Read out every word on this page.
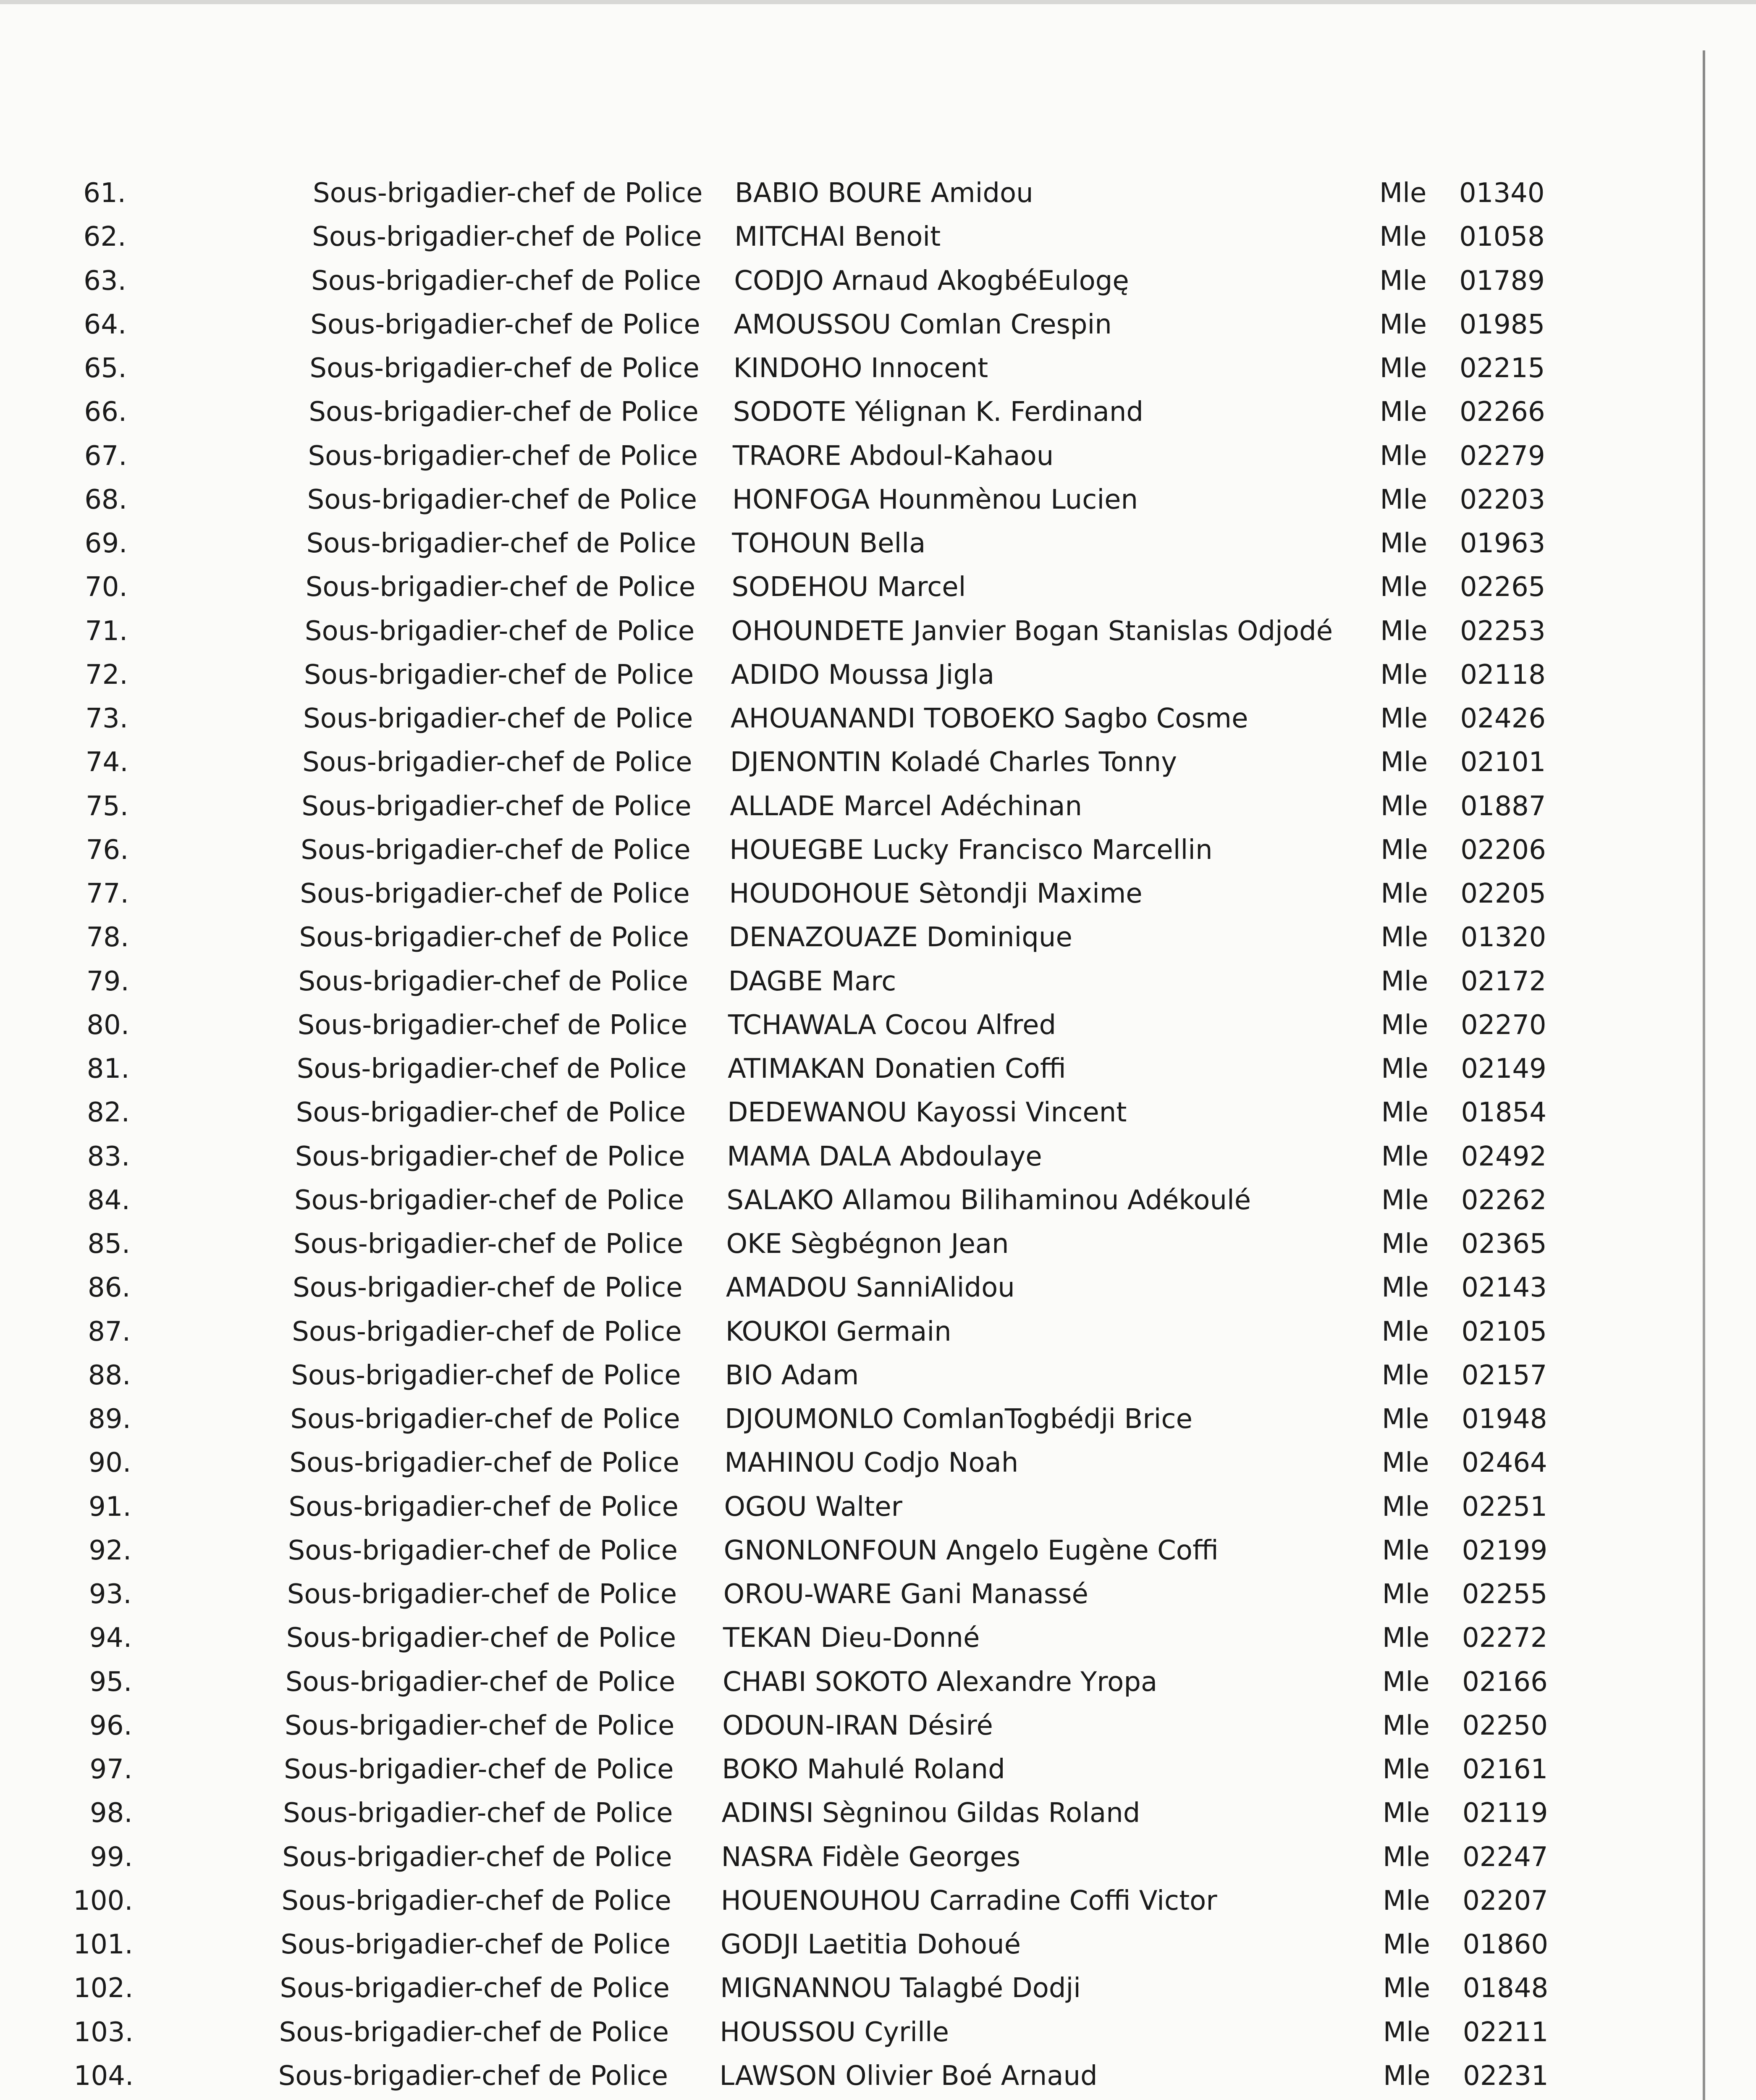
61.	Sous-brigadier-chef de Police BABIO BOURE Amidou	Mle 01340
62.	Sous-brigadier-chef de Police MITCHAI Benoit	Mle 01058
63.	Sous-brigadier-chef de Police CODJO Arnaud AkogbéEulogę	Mle 01789
64.	Sous-brigadier-chef de Police AMOUSSOU Comlan Crespin	Mle 01985
65.	Sous-brigadier-chef de Police KINDOHO Innocent	Mle 02215
66.	Sous-brigadier-chef de Police SODOTE Yélignan K. Ferdinand	Mle 02266
67.	Sous-brigadier-chef de Police TRAORE Abdoul-Kahaou	Mle 02279
68.	Sous-brigadier-chef de Police HONFOGA Hounmènou Lucien	Mle 02203
69.	Sous-brigadier-chef de Police TOHOUN Bella	Mle 01963
70.	Sous-brigadier-chef de Police SODEHOU Marcel	Mle 02265
71.	Sous-brigadier-chef de Police OHOUNDETE Janvier Bogan Stanislas Odjodé Mle 02253
72.	Sous-brigadier-chef de Police ADIDO Moussa Jigla	Mle 02118
73.	Sous-brigadier-chef de Police AHOUANANDI TOBOEKO Sagbo Cosme	Mle 02426
74.	Sous-brigadier-chef de Police DJENONTIN Koladé Charles Tonny	Mle 02101
75.	Sous-brigadier-chef de Police ALLADE Marcel Adéchinan	Mle 01887
76.	Sous-brigadier-chef de Police HOUEGBE Lucky Francisco Marcellin	Mle 02206
77.	Sous-brigadier-chef de Police HOUDOHOUE Sètondji Maxime	Mle 02205
78.	Sous-brigadier-chef de Police DENAZOUAZE Dominique	Mle 01320
79.	Sous-brigadier-chef de Police DAGBE Marc	Mle 02172
80.	Sous-brigadier-chef de Police TCHAWALA Cocou Alfred	Mle 02270
81.	Sous-brigadier-chef de Police ATIMAKAN Donatien Coffi	Mle 02149
82.	Sous-brigadier-chef de Police DEDEWANOU Kayossi Vincent	Mle 01854
83.	Sous-brigadier-chef de Police MAMA DALA Abdoulaye	Mle 02492
84.	Sous-brigadier-chef de Police SALAKO Allamou Bilihaminou Adékoulé	Mle 02262
85.	Sous-brigadier-chef de Police OKE Sègbégnon Jean	Mle 02365
86.	Sous-brigadier-chef de Police AMADOU SanniAlidou	Mle 02143
87.	Sous-brigadier-chef de Police KOUKOI Germain	Mle 02105
88.	Sous-brigadier-chef de Police BIO Adam	Mle 02157
89.	Sous-brigadier-chef de Police DJOUMONLO ComlanTogbédji Brice	Mle 01948
90.	Sous-brigadier-chef de Police MAHINOU Codjo Noah	Mle 02464
91.	Sous-brigadier-chef de Police OGOU Walter	Mle 02251
92.	Sous-brigadier-chef de Police GNONLONFOUN Angelo Eugène Coffi	Mle 02199
93.	Sous-brigadier-chef de Police OROU-WARE Gani Manassé	Mle 02255
94.	Sous-brigadier-chef de Police TEKAN Dieu-Donné	Mle 02272
95.	Sous-brigadier-chef de Police CHABI SOKOTO Alexandre Yropa	Mle 02166
96.	Sous-brigadier-chef de Police ODOUN-IRAN Désiré	Mle 02250
97.	Sous-brigadier-chef de Police BOKO Mahulé Roland	Mle 02161
98.	Sous-brigadier-chef de Police ADINSI Sègninou Gildas Roland	Mle 02119
99.	Sous-brigadier-chef de Police NASRA Fidèle Georges	Mle 02247
100.	Sous-brigadier-chef de Police HOUENOUHOU Carradine Coffi Victor	Mle 02207
101.	Sous-brigadier-chef de Police GODJI Laetitia Dohoué	Mle 01860
102.	Sous-brigadier-chef de Police MIGNANNOU Talagbé Dodji	Mle 01848
103.	Sous-brigadier-chef de Police HOUSSOU Cyrille	Mle 02211
104.	Sous-brigadier-chef de Police LAWSON Olivier Boé Arnaud	Mle 02231
